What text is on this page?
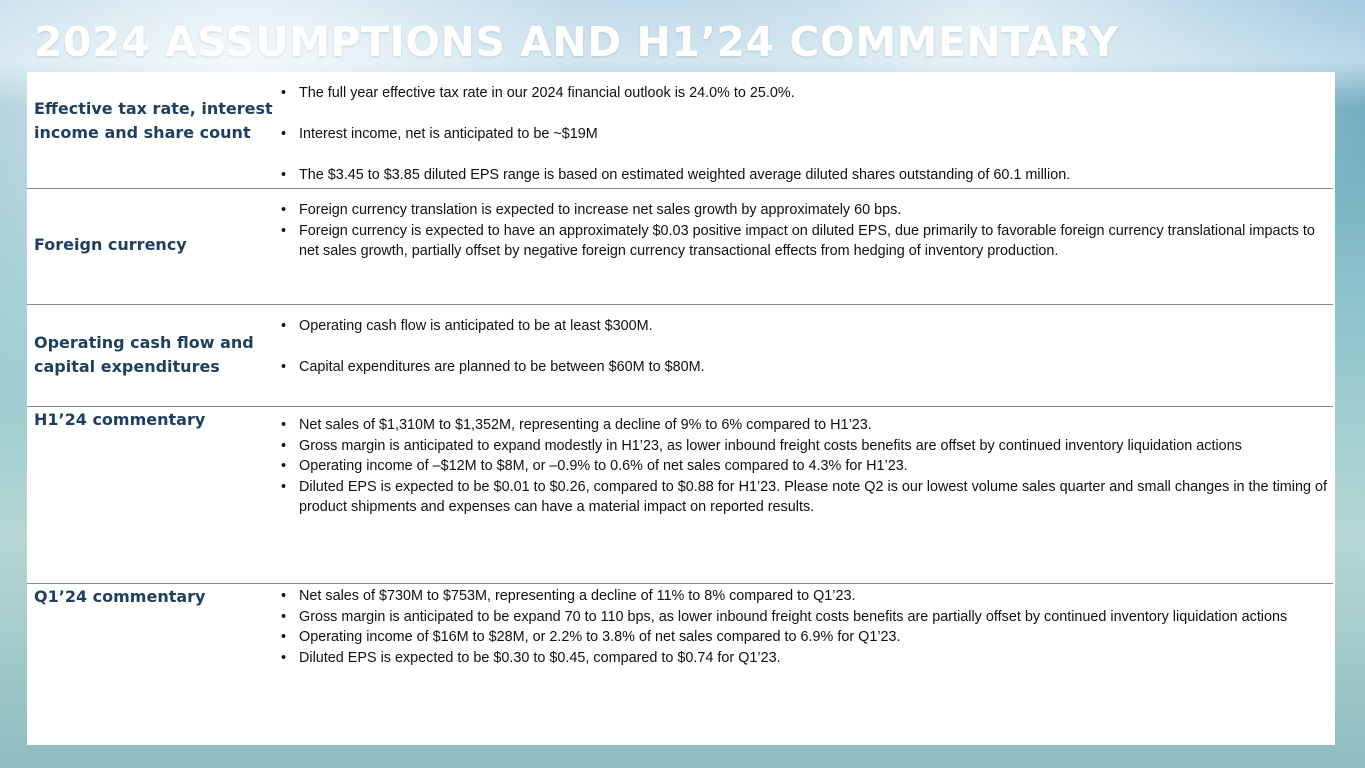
2024 ASSUMPTIONS AND H1’24 COMMENTARY
Effective tax rate, interest income and share count
• The full year effective tax rate in our 2024 financial outlook is 24.0% to 25.0%.
• Interest income, net is anticipated to be ~$19M
• The $3.45 to $3.85 diluted EPS range is based on estimated weighted average diluted shares outstanding of 60.1 million.
Foreign currency
• Foreign currency translation is expected to increase net sales growth by approximately 60 bps.
• Foreign currency is expected to have an approximately $0.03 positive impact on diluted EPS, due primarily to favorable foreign currency translational impacts to net sales growth, partially offset by negative foreign currency transactional effects from hedging of inventory production.
Operating cash flow and capital expenditures
• Operating cash flow is anticipated to be at least $300M.
• Capital expenditures are planned to be between $60M to $80M.
H1’24 commentary	• Net sales of $1,310M to $1,352M, representing a decline of 9% to 6% compared to H1’23.
• Gross margin is anticipated to expand modestly in H1’23, as lower inbound freight costs benefits are offset by continued inventory liquidation actions
• Operating income of –$12M to $8M, or –0.9% to 0.6% of net sales compared to 4.3% for H1’23.
• Diluted EPS is expected to be $0.01 to $0.26, compared to $0.88 for H1’23. Please note Q2 is our lowest volume sales quarter and small changes in the timing of product shipments and expenses can have a material impact on reported results.
Q1’24 commentary	• Net sales of $730M to $753M, representing a decline of 11% to 8% compared to Q1’23.
• Gross margin is anticipated to be expand 70 to 110 bps, as lower inbound freight costs benefits are partially offset by continued inventory liquidation actions
• Operating income of $16M to $28M, or 2.2% to 3.8% of net sales compared to 6.9% for Q1’23.
• Diluted EPS is expected to be $0.30 to $0.45, compared to $0.74 for Q1’23.
